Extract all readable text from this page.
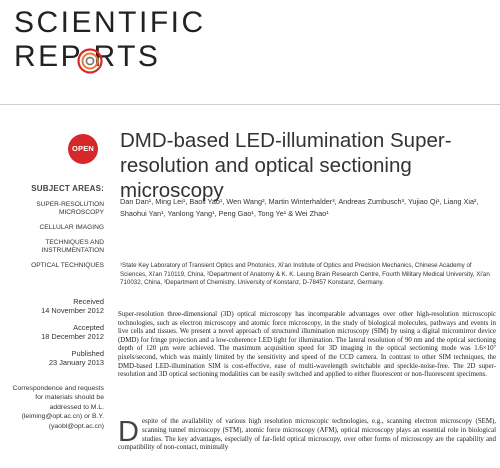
SCIENTIFIC
REP RTS
OPEN DMD-based LED-illumination Super-resolution and optical sectioning microscopy
SUBJECT AREAS:
SUPER-RESOLUTION MICROSCOPY
CELLULAR IMAGING
TECHNIQUES AND INSTRUMENTATION
OPTICAL TECHNIQUES
Received
14 November 2012
Accepted
18 December 2012
Published
23 January 2013
Correspondence and requests for materials should be addressed to M.L. (leiming@opt.ac.cn) or B.Y. (yaobl@opt.ac.cn)
Dan Dan¹, Ming Lei¹, Baoli Yao¹, Wen Wang², Martin Winterhalder³, Andreas Zumbusch³, Yujiao Qi¹, Liang Xia², Shaohui Yan¹, Yanlong Yang¹, Peng Gao¹, Tong Ye¹ & Wei Zhao¹
¹State Key Laboratory of Transient Optics and Photonics, Xi'an Institute of Optics and Precision Mechanics, Chinese Academy of Sciences, Xi'an 710119, China, ²Department of Anatomy & K. K. Leung Brain Research Centre, Fourth Military Medical University, Xi'an 710032, China, ³Department of Chemistry, University of Konstanz, D-78457 Konstanz, Germany.
Super-resolution three-dimensional (3D) optical microscopy has incomparable advantages over other high-resolution microscopic technologies, such as electron microscopy and atomic force microscopy, in the study of biological molecules, pathways and events in live cells and tissues. We present a novel approach of structured illumination microscopy (SIM) by using a digital micromirror device (DMD) for fringe projection and a low-coherence LED light for illumination. The lateral resolution of 90 nm and the optical sectioning depth of 120 μm were achieved. The maximum acquisition speed for 3D imaging in the optical sectioning mode was 1.6×10⁷ pixels/second, which was mainly limited by the sensitivity and speed of the CCD camera. In contrast to other SIM techniques, the DMD-based LED-illumination SIM is cost-effective, ease of multi-wavelength switchable and speckle-noise-free. The 2D super-resolution and 3D optical sectioning modalities can be easily switched and applied to either fluorescent or non-fluorescent specimens.
Despite of the availability of various high resolution microscopic technologies, e.g., scanning electron microscopy (SEM), scanning tunnel microscopy (STM), atomic force microscopy (AFM), optical microscopy plays an essential role in biological studies. The key advantages, especially of far-field optical microscopy, over other forms of microscopy are the capability and compatibility of non-contact, minimally
